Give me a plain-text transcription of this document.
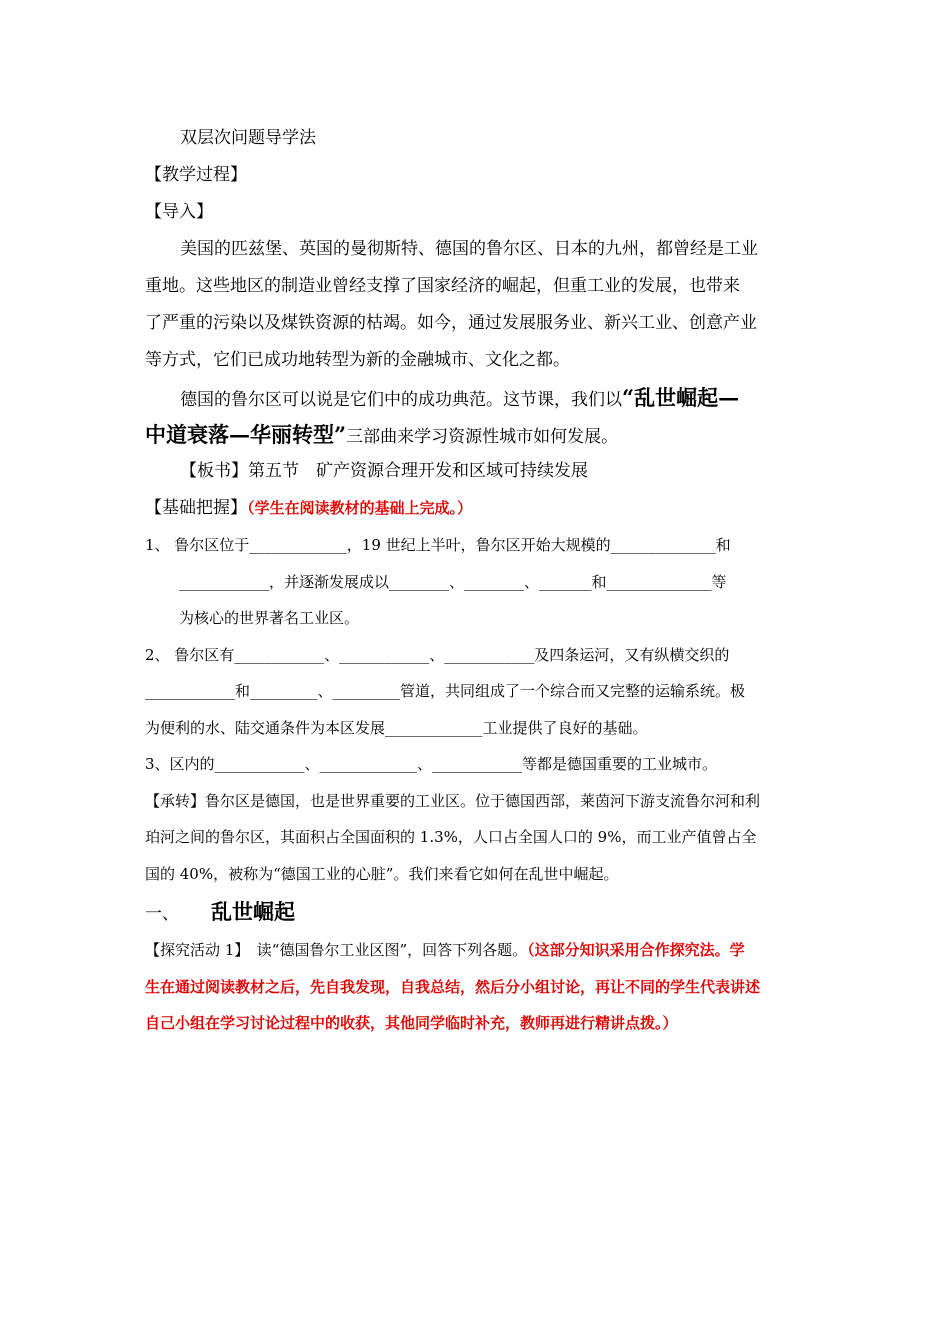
双层次问题导学法
【教学过程】
【导入】
美国的匹兹堡、英国的曼彻斯特、德国的鲁尔区、日本的九州，都曾经是工业
重地。这些地区的制造业曾经支撑了国家经济的崛起，但重工业的发展，也带来
了严重的污染以及煤铁资源的枯竭。如今，通过发展服务业、新兴工业、创意产业
等方式，它们已成功地转型为新的金融城市、文化之都。
德国的鲁尔区可以说是它们中的成功典范。这节课，我们以“乱世崛起—
中道衰落—华丽转型”三部曲来学习资源性城市如何发展。
【板书】第五节　矿产资源合理开发和区域可持续发展
【基础把握】（学生在阅读教材的基础上完成。）
1、 鲁尔区位于_____________，19 世纪上半叶，鲁尔区开始大规模的______________和
____________，并逐渐发展成以________、________、_______和______________等
为核心的世界著名工业区。
2、 鲁尔区有____________、____________、____________及四条运河，又有纵横交织的
____________和_________、_________管道，共同组成了一个综合而又完整的运输系统。极
为便利的水、陆交通条件为本区发展_____________工业提供了良好的基础。
3、区内的____________、_____________、____________等都是德国重要的工业城市。
【承转】鲁尔区是德国，也是世界重要的工业区。位于德国西部，莱茵河下游支流鲁尔河和利
珀河之间的鲁尔区，其面积占全国面积的 1.3%，人口占全国人口的 9%，而工业产值曾占全
国的 40%，被称为“德国工业的心脏”。我们来看它如何在乱世中崛起。
一、 乱世崛起
【探究活动 1】　读“德国鲁尔工业区图”，回答下列各题。（这部分知识采用合作探究法。学
生在通过阅读教材之后，先自我发现，自我总结，然后分小组讨论，再让不同的学生代表讲述
自己小组在学习讨论过程中的收获，其他同学临时补充，教师再进行精讲点拨。）
